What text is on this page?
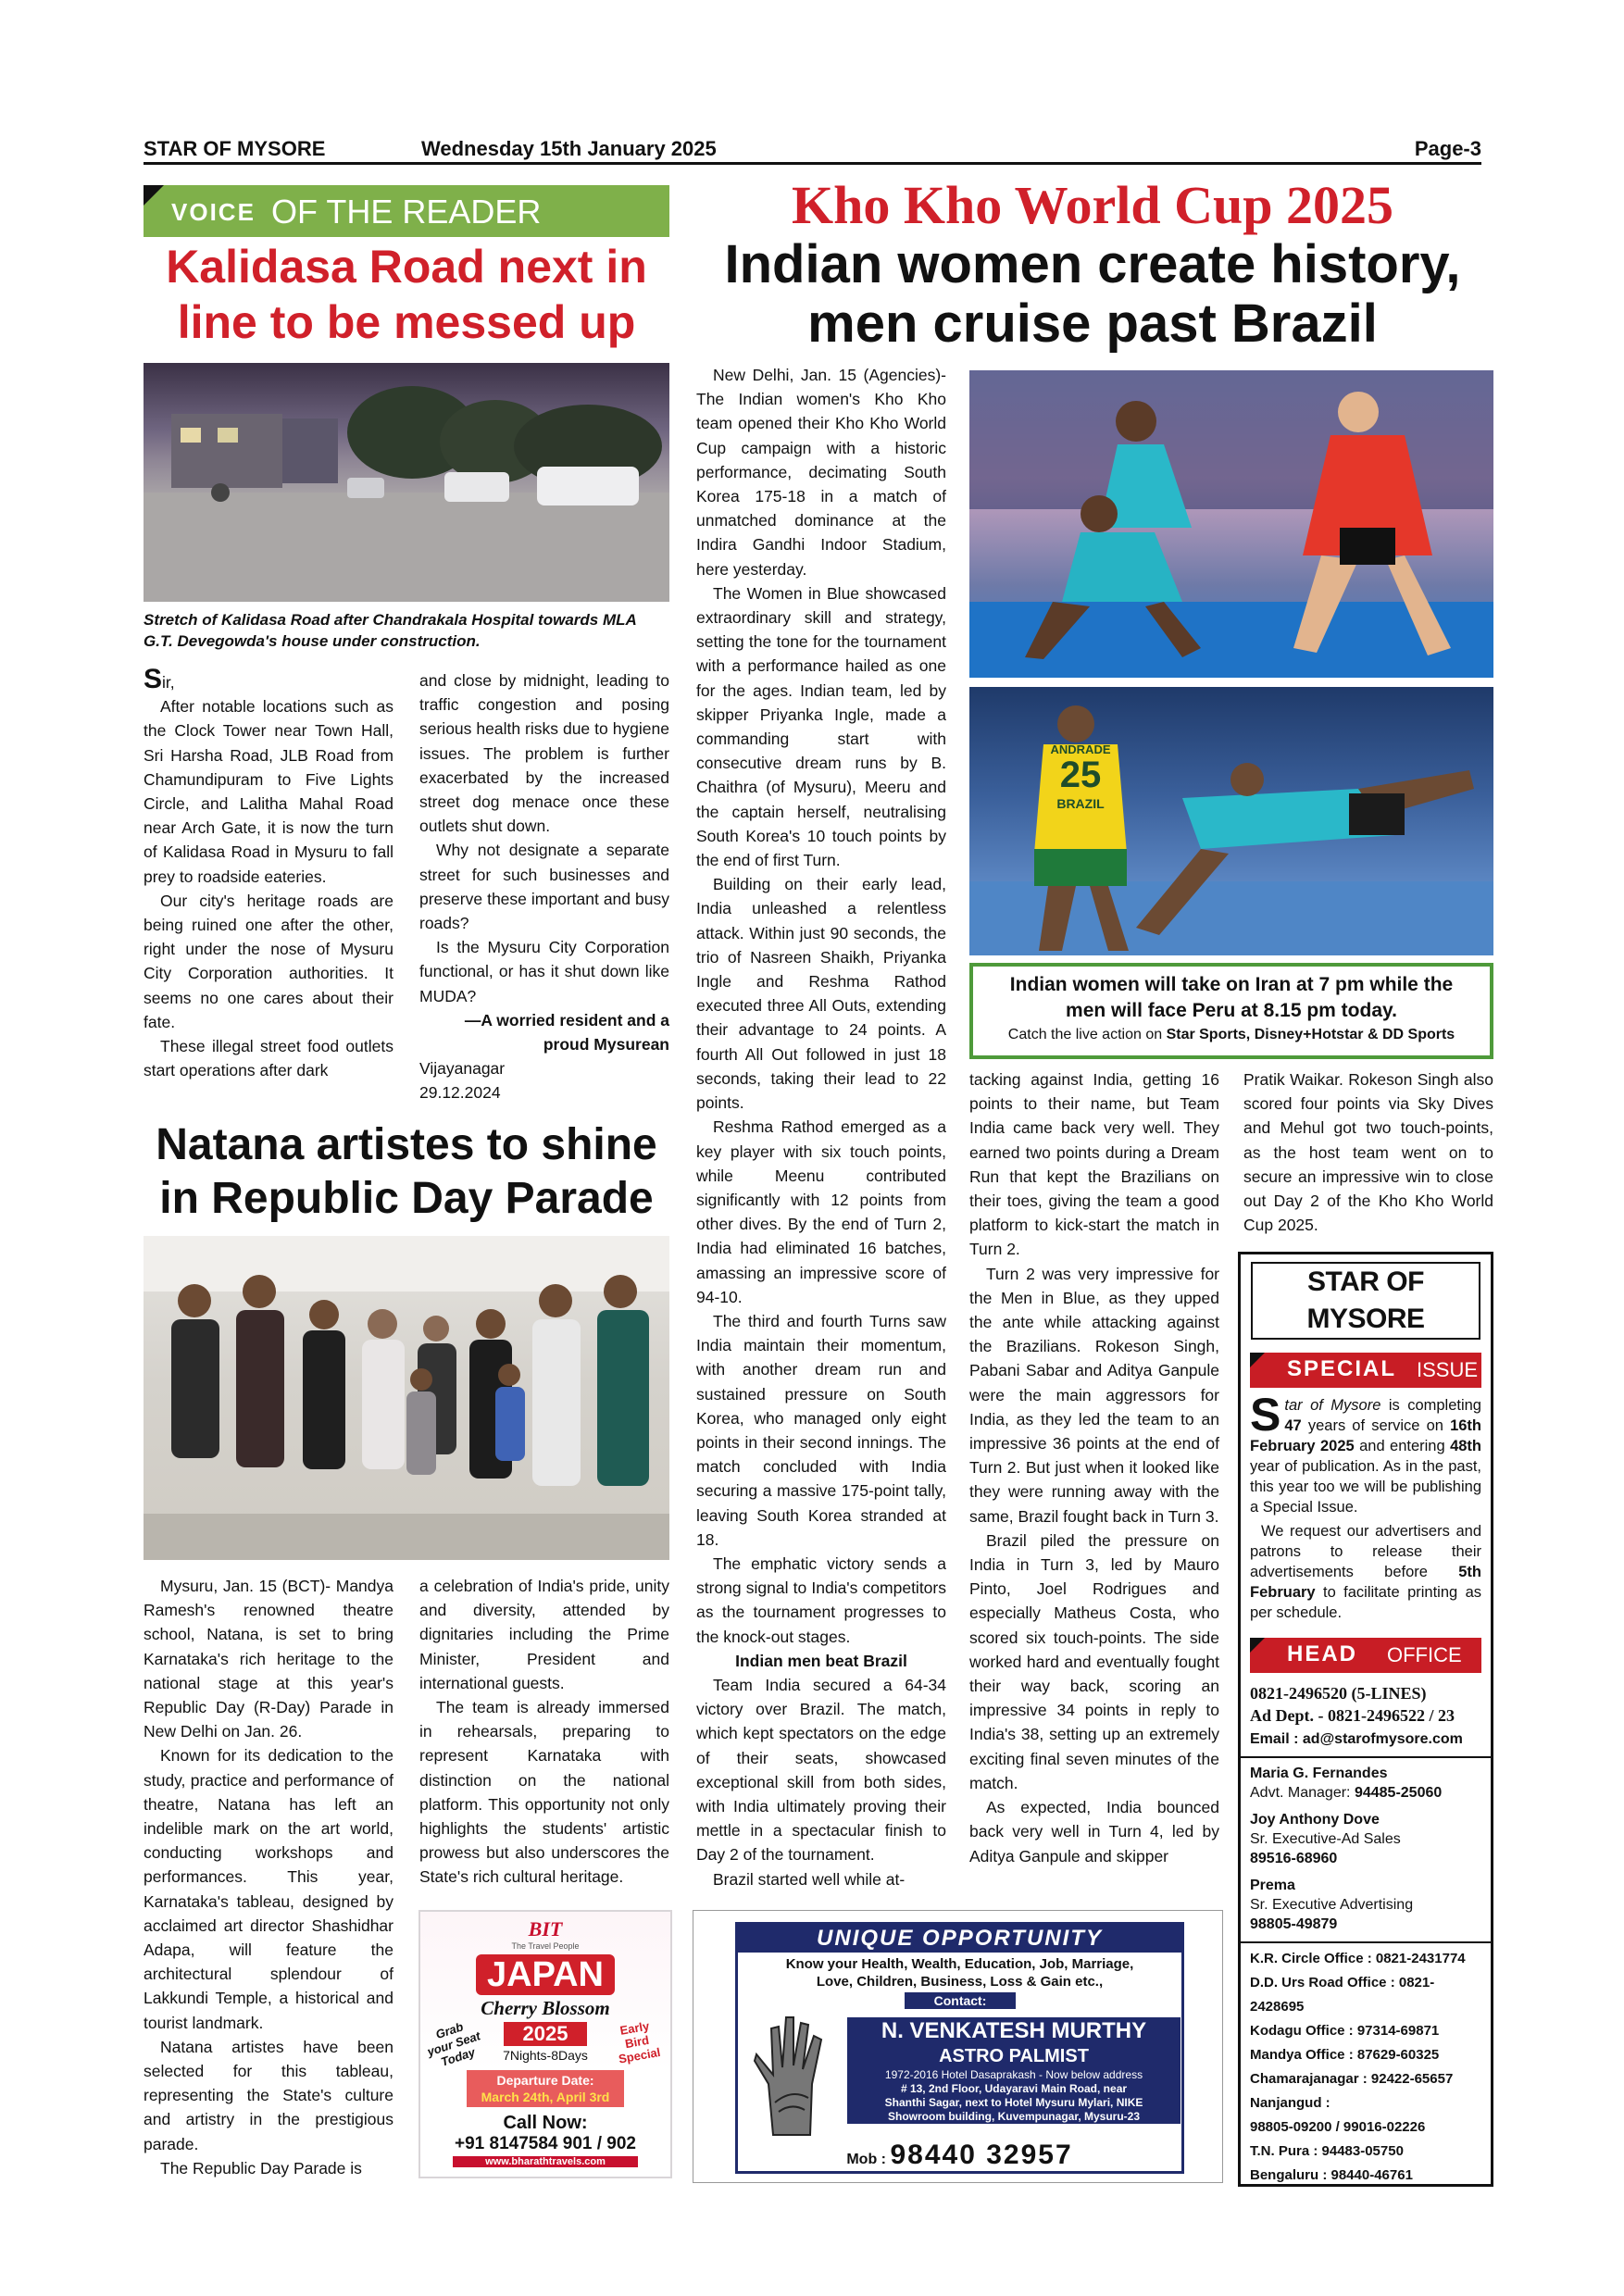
STAR OF MYSORE	Wednesday 15th January 2025	Page-3
VOICE OF THE READER
Kalidasa Road next in
line to be messed up
Stretch of Kalidasa Road after Chandrakala Hospital towards MLA G.T. Devegowda's house under construction.

Sir,

After notable locations such as the Clock Tower near Town Hall, Sri Harsha Road, JLB Road from Chamundipuram to Five Lights Circle, and Lalitha Mahal Road near Arch Gate, it is now the turn of Kalidasa Road in Mysuru to fall prey to roadside eateries.

Our city's heritage roads are being ruined one after the other, right under the nose of Mysuru City Corporation authorities. It seems no one cares about their fate.

These illegal street food outlets start operations after dark

and close by midnight, leading to traffic congestion and posing serious health risks due to hygiene issues. The problem is further exacerbated by the increased street dog menace once these outlets shut down.

Why not designate a separate street for such businesses and preserve these important and busy roads?

Is the Mysuru City Corporation functional, or has it shut down like MUDA?

—A worried resident and a

proud Mysurean

Vijayanagar

29.12.2024

Natana artistes to shine
in Republic Day Parade

Mysuru, Jan. 15 (BCT)- Mandya Ramesh's renowned theatre school, Natana, is set to bring Karnataka's rich heritage to the national stage at this year's Republic Day (R-Day) Parade in New Delhi on Jan. 26.

Known for its dedication to the study, practice and performance of theatre, Natana has left an indelible mark on the art world, conducting workshops and performances. This year, Karnataka's tableau, designed by acclaimed art director Shashidhar Adapa, will feature the architectural splendour of Lakkundi Temple, a historical and tourist landmark.

Natana artistes have been selected for this tableau, representing the State's culture and artistry in the prestigious parade.

The Republic Day Parade is

a celebration of India's pride, unity and diversity, attended by dignitaries including the Prime Minister, President and international guests.

The team is already immersed in rehearsals, preparing to represent Karnataka with distinction on the national platform. This opportunity not only highlights the students' artistic prowess but also underscores the State's rich cultural heritage.

BIT
The Travel People
JAPAN
Cherry Blossom
2025
7Nights-8Days
Grab your Seat Today
Early Bird Special
Departure Date:
March 24th, April 3rd
Call Now:
+91 8147584 901 / 902
www.bharathtravels.com
Kho Kho World Cup 2025
Indian women create history,
men cruise past Brazil

New Delhi, Jan. 15 (Agencies)- The Indian women's Kho Kho team opened their Kho Kho World Cup campaign with a historic performance, decimating South Korea 175-18 in a match of unmatched dominance at the Indira Gandhi Indoor Stadium, here yesterday.

The Women in Blue showcased extraordinary skill and strategy, setting the tone for the tournament with a performance hailed as one for the ages. Indian team, led by skipper Priyanka Ingle, made a commanding start with consecutive dream runs by B. Chaithra (of Mysuru), Meeru and the captain herself, neutralising South Korea's 10 touch points by the end of first Turn.

Building on their early lead, India unleashed a relentless attack. Within just 90 seconds, the trio of Nasreen Shaikh, Priyanka Ingle and Reshma Rathod executed three All Outs, extending their advantage to 24 points. A fourth All Out followed in just 18 seconds, taking their lead to 22 points.

Reshma Rathod emerged as a key player with six touch points, while Meenu contributed significantly with 12 points from other dives. By the end of Turn 2, India had eliminated 16 batches, amassing an impressive score of 94-10.

The third and fourth Turns saw India maintain their momentum, with another dream run and sustained pressure on South Korea, who managed only eight points in their second innings. The match concluded with India securing a massive 175-point tally, leaving South Korea stranded at 18.

The emphatic victory sends a strong signal to India's competitors as the tournament progresses to the knock-out stages.

Indian men beat Brazil

Team India secured a 64-34 victory over Brazil. The match, which kept spectators on the edge of their seats, showcased exceptional skill from both sides, with India ultimately proving their mettle in a spectacular finish to Day 2 of the tournament.

Brazil started well while at-

ANDRADE
25
BRAZIL
Indian women will take on Iran at 7 pm while the
men will face Peru at 8.15 pm today.
Catch the live action on Star Sports, Disney+Hotstar & DD Sports

tacking against India, getting 16 points to their name, but Team India came back very well. They earned two points during a Dream Run that kept the Brazilians on their toes, giving the team a good platform to kick-start the match in Turn 2.

Turn 2 was very impressive for the Men in Blue, as they upped the ante while attacking against the Brazilians. Rokeson Singh, Pabani Sabar and Aditya Ganpule were the main aggressors for India, as they led the team to an impressive 36 points at the end of Turn 2. But just when it looked like they were running away with the same, Brazil fought back in Turn 3.

Brazil piled the pressure on India in Turn 3, led by Mauro Pinto, Joel Rodrigues and especially Matheus Costa, who scored six touch-points. The side worked hard and eventually fought their way back, scoring an impressive 34 points in reply to India's 38, setting up an extremely exciting final seven minutes of the match.

As expected, India bounced back very well in Turn 4, led by Aditya Ganpule and skipper

Pratik Waikar. Rokeson Singh also scored four points via Sky Dives and Mehul got two touch-points, as the host team went on to secure an impressive win to close out Day 2 of the Kho Kho World Cup 2025.

STAR OF MYSORE
SPECIAL ISSUE

Star of Mysore is completing 47 years of service on 16th February 2025 and entering 48th year of publication. As in the past, this year too we will be publishing a Special Issue.

We request our advertisers and patrons to release their advertisements before 5th February to facilitate printing as per schedule.

HEAD OFFICE
0821-2496520 (5-LINES)
Ad Dept. - 0821-2496522 / 23
Email : ad@starofmysore.com
Maria G. Fernandes
Advt. Manager: 94485-25060
Joy Anthony Dove
Sr. Executive-Ad Sales
89516-68960
Prema
Sr. Executive Advertising
98805-49879
K.R. Circle Office : 0821-2431774
D.D. Urs Road Office : 0821-2428695
Kodagu Office : 97314-69871
Mandya Office : 87629-60325
Chamarajanagar : 92422-65657
Nanjangud :
98805-09200 / 99016-02226
T.N. Pura : 94483-05750
Bengaluru : 98440-46761
UNIQUE OPPORTUNITY
Know your Health, Wealth, Education, Job, Marriage,
Love, Children, Business, Loss & Gain etc.,
Contact:
N. VENKATESH MURTHY
ASTRO PALMIST
1972-2016 Hotel Dasaprakash - Now below address
# 13, 2nd Floor, Udayaravi Main Road, near
Shanthi Sagar, next to Hotel Mysuru Mylari, NIKE
Showroom building, Kuvempunagar, Mysuru-23
Mob : 98440 32957
